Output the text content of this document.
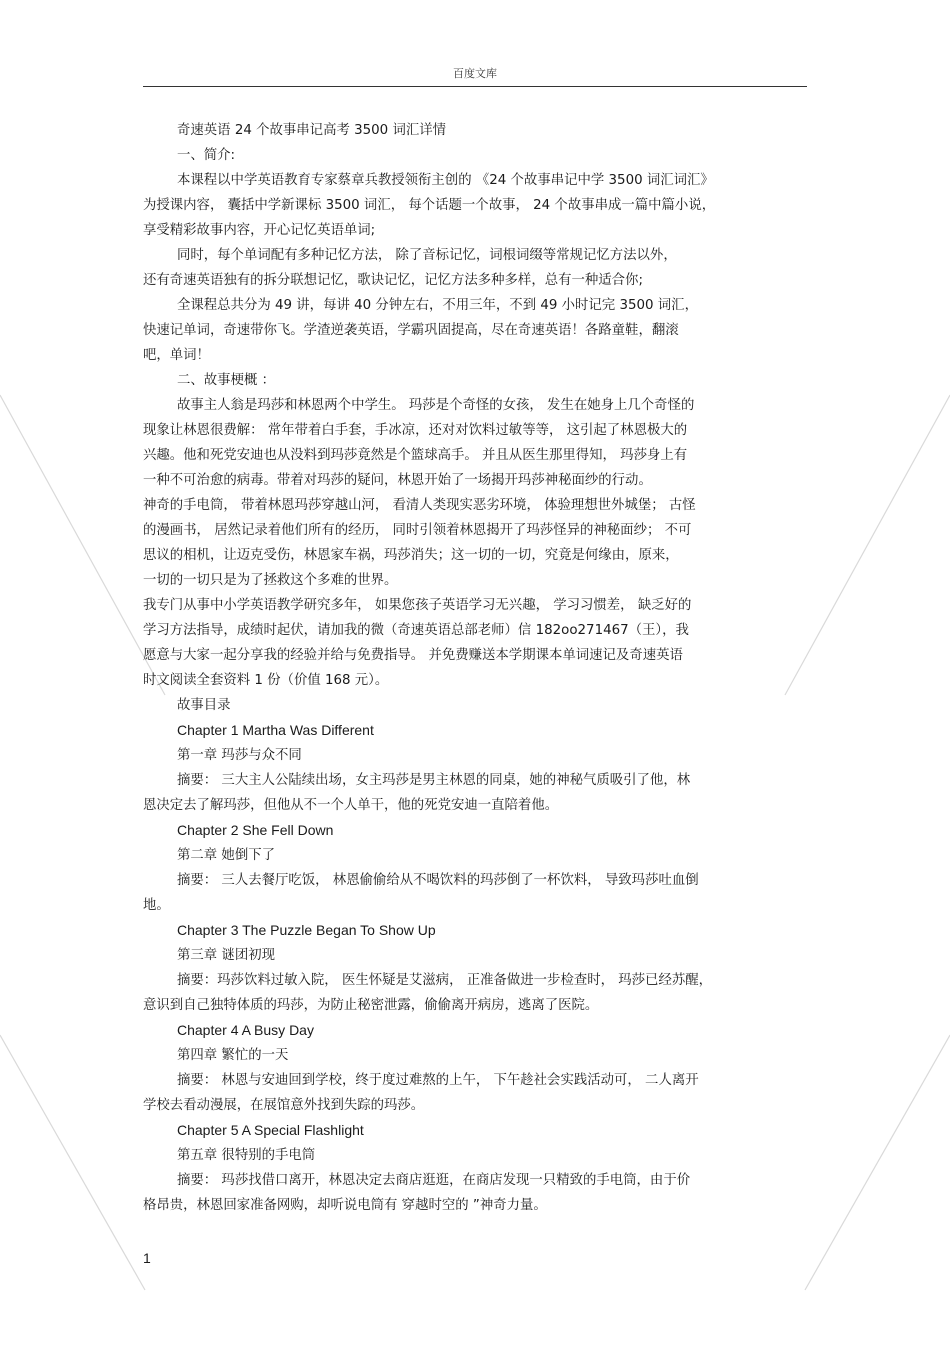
百度文库
奇速英语 24 个故事串记高考 3500 词汇详情
一、简介:
本课程以中学英语教育专家蔡章兵教授领衔主创的 《24 个故事串记中学 3500 词汇词汇》
为授课内容， 囊括中学新课标 3500 词汇， 每个话题一个故事， 24 个故事串成一篇中篇小说，
享受精彩故事内容，开心记忆英语单词;
同时，每个单词配有多种记忆方法， 除了音标记忆，词根词缀等常规记忆方法以外，
还有奇速英语独有的拆分联想记忆，歌诀记忆，记忆方法多种多样，总有一种适合你;
全课程总共分为 49 讲，每讲 40 分钟左右，不用三年，不到 49 小时记完 3500 词汇，
快速记单词，奇速带你飞。学渣逆袭英语，学霸巩固提高，尽在奇速英语！各路童鞋，翻滚
吧，单词！
二、故事梗概 ：
故事主人翁是玛莎和林恩两个中学生。 玛莎是个奇怪的女孩， 发生在她身上几个奇怪的
现象让林恩很费解： 常年带着白手套，手冰凉，还对对饮料过敏等等， 这引起了林恩极大的
兴趣。他和死党安迪也从没料到玛莎竟然是个篮球高手。 并且从医生那里得知， 玛莎身上有
一种不可治愈的病毒。带着对玛莎的疑问，林恩开始了一场揭开玛莎神秘面纱的行动。
神奇的手电筒， 带着林恩玛莎穿越山河， 看清人类现实恶劣环境， 体验理想世外城堡； 古怪
的漫画书， 居然记录着他们所有的经历， 同时引领着林恩揭开了玛莎怪异的神秘面纱； 不可
思议的相机，让迈克受伤，林恩家车祸，玛莎消失；这一切的一切，究竟是何缘由，原来，
一切的一切只是为了拯救这个多难的世界。
我专门从事中小学英语教学研究多年， 如果您孩子英语学习无兴趣， 学习习惯差， 缺乏好的
学习方法指导，成绩时起伏，请加我的微（奇速英语总部老师）信 182oo271467（王），我
愿意与大家一起分享我的经验并给与免费指导。 并免费赚送本学期课本单词速记及奇速英语
时文阅读全套资料 1 份（价值 168 元）。
故事目录
Chapter 1 Martha Was Different
第一章 玛莎与众不同
摘要： 三大主人公陆续出场，女主玛莎是男主林恩的同桌，她的神秘气质吸引了他，林
恩决定去了解玛莎，但他从不一个人单干，他的死党安迪一直陪着他。
Chapter 2 She Fell Down
第二章 她倒下了
摘要： 三人去餐厅吃饭， 林恩偷偷给从不喝饮料的玛莎倒了一杯饮料， 导致玛莎吐血倒
地。
Chapter 3 The Puzzle Began To Show Up
第三章 谜团初现
摘要：玛莎饮料过敏入院， 医生怀疑是艾滋病， 正准备做进一步检查时， 玛莎已经苏醒，
意识到自己独特体质的玛莎，为防止秘密泄露，偷偷离开病房，逃离了医院。
Chapter 4 A Busy Day
第四章 繁忙的一天
摘要： 林恩与安迪回到学校，终于度过难熬的上午， 下午趁社会实践活动可， 二人离开
学校去看动漫展，在展馆意外找到失踪的玛莎。
Chapter 5 A Special Flashlight
第五章 很特别的手电筒
摘要： 玛莎找借口离开，林恩决定去商店逛逛，在商店发现一只精致的手电筒，由于价
格昂贵，林恩回家准备网购，却听说电筒有 穿越时空的 ”神奇力量。
1
